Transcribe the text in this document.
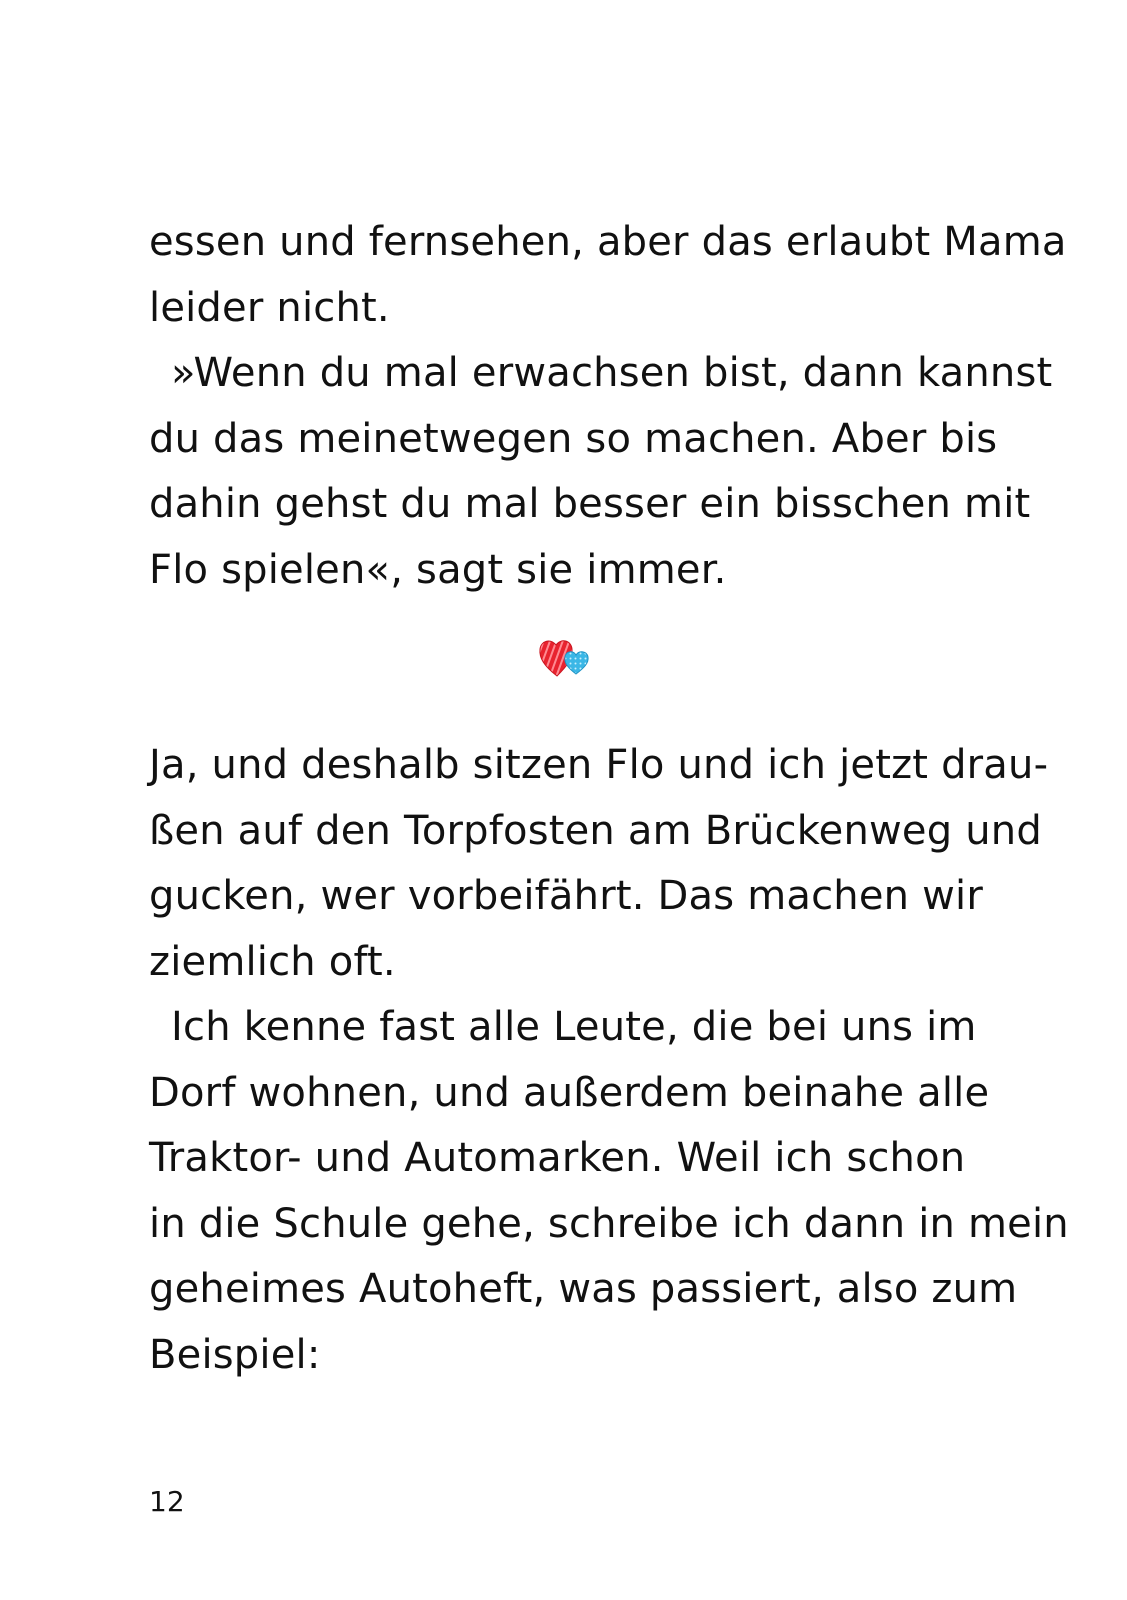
essen und fernsehen, aber das erlaubt Mama
leider nicht.
»Wenn du mal erwachsen bist, dann kannst
du das meinetwegen so machen. Aber bis
dahin gehst du mal besser ein bisschen mit
Flo spielen«, sagt sie immer.
Ja, und deshalb sitzen Flo und ich jetzt drau-
ßen auf den Torpfosten am Brückenweg und
gucken, wer vorbeifährt. Das machen wir
ziemlich oft.
Ich kenne fast alle Leute, die bei uns im
Dorf wohnen, und außerdem beinahe alle
Traktor- und Automarken. Weil ich schon
in die Schule gehe, schreibe ich dann in mein
geheimes Autoheft, was passiert, also zum
Beispiel:
12
